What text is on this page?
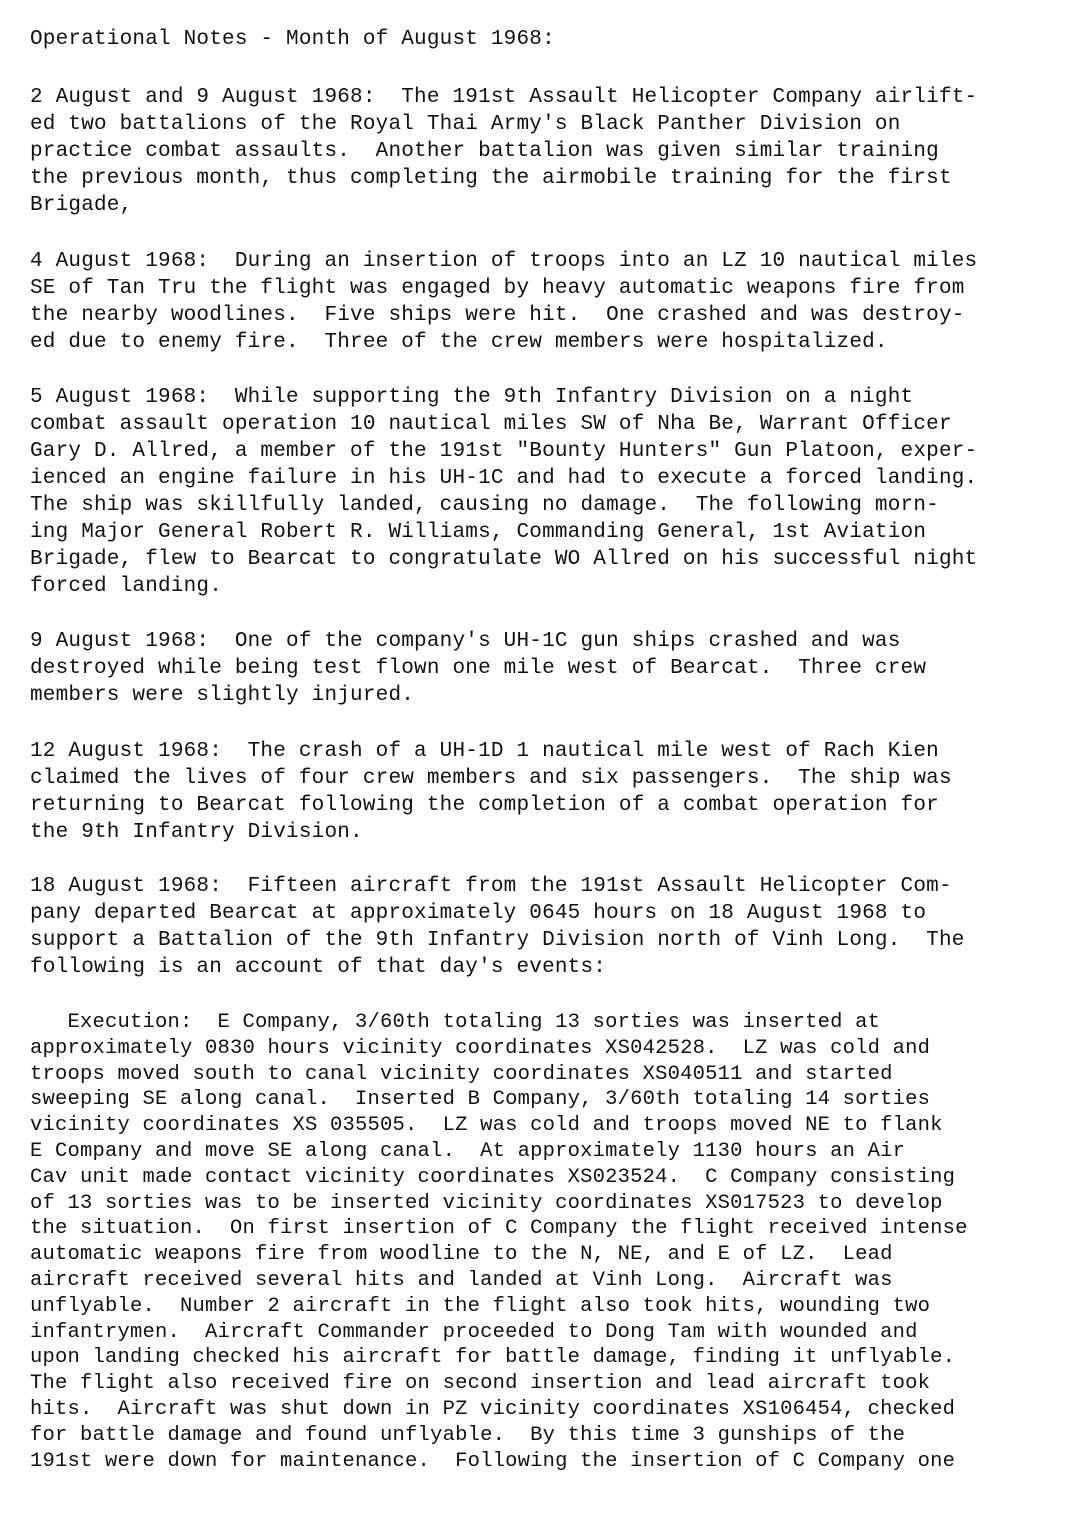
Operational Notes - Month of August 1968:
2 August and 9 August 1968:  The 191st Assault Helicopter Company airlift-
ed two battalions of the Royal Thai Army's Black Panther Division on
practice combat assaults.  Another battalion was given similar training
the previous month, thus completing the airmobile training for the first
Brigade,
4 August 1968:  During an insertion of troops into an LZ 10 nautical miles
SE of Tan Tru the flight was engaged by heavy automatic weapons fire from
the nearby woodlines.  Five ships were hit.  One crashed and was destroy-
ed due to enemy fire.  Three of the crew members were hospitalized.
5 August 1968:  While supporting the 9th Infantry Division on a night
combat assault operation 10 nautical miles SW of Nha Be, Warrant Officer
Gary D. Allred, a member of the 191st "Bounty Hunters" Gun Platoon, exper-
ienced an engine failure in his UH-1C and had to execute a forced landing.
The ship was skillfully landed, causing no damage.  The following morn-
ing Major General Robert R. Williams, Commanding General, 1st Aviation
Brigade, flew to Bearcat to congratulate WO Allred on his successful night
forced landing.
9 August 1968:  One of the company's UH-1C gun ships crashed and was
destroyed while being test flown one mile west of Bearcat.  Three crew
members were slightly injured.
12 August 1968:  The crash of a UH-1D 1 nautical mile west of Rach Kien
claimed the lives of four crew members and six passengers.  The ship was
returning to Bearcat following the completion of a combat operation for
the 9th Infantry Division.
18 August 1968:  Fifteen aircraft from the 191st Assault Helicopter Com-
pany departed Bearcat at approximately 0645 hours on 18 August 1968 to
support a Battalion of the 9th Infantry Division north of Vinh Long.  The
following is an account of that day's events:
Execution:  E Company, 3/60th totaling 13 sorties was inserted at
approximately 0830 hours vicinity coordinates XS042528.  LZ was cold and
troops moved south to canal vicinity coordinates XS040511 and started
sweeping SE along canal.  Inserted B Company, 3/60th totaling 14 sorties
vicinity coordinates XS 035505.  LZ was cold and troops moved NE to flank
E Company and move SE along canal.  At approximately 1130 hours an Air
Cav unit made contact vicinity coordinates XS023524.  C Company consisting
of 13 sorties was to be inserted vicinity coordinates XS017523 to develop
the situation.  On first insertion of C Company the flight received intense
automatic weapons fire from woodline to the N, NE, and E of LZ.  Lead
aircraft received several hits and landed at Vinh Long.  Aircraft was
unflyable.  Number 2 aircraft in the flight also took hits, wounding two
infantrymen.  Aircraft Commander proceeded to Dong Tam with wounded and
upon landing checked his aircraft for battle damage, finding it unflyable.
The flight also received fire on second insertion and lead aircraft took
hits.  Aircraft was shut down in PZ vicinity coordinates XS106454, checked
for battle damage and found unflyable.  By this time 3 gunships of the
191st were down for maintenance.  Following the insertion of C Company one
